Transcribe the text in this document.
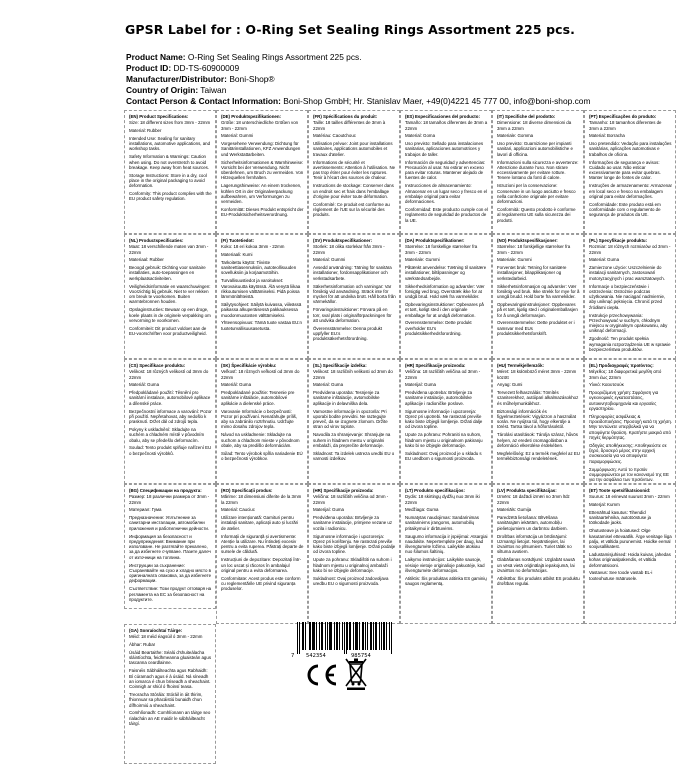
GPSR Label for : O-Ring Set Sealing Rings Assortment 225 pcs.
Product Name: O-Ring Set Sealing Rings Assortment 225 pcs.
Product ID: DD-TS-60900009
Manufacturer/Distributor: Boni-Shop®
Country of Origin: Taiwan
Contact Person & Contact Information: Boni-Shop GmbH; Hr. Stanislav Maer, +49(0)4221 45 777 00, info@boni-shop.com
(EN) Product Specifications:

Size: 18 different sizes from 3mm - 22mm

Material: Rubber

Intended Use: Sealing for sanitary installations, automotive applications, and workshop tasks.

Safety Information & Warnings: Caution when using. Do not overstretch to avoid breakage. Keep away from heat sources.

Storage Instructions: Store in a dry, cool place in the original packaging to avoid deformation.

Conformity: This product complies with the EU product safety regulation.

(DE) Produktspezifikationen:

Größe: 18 unterschiedliche Größen von 3mm - 22mm

Material: Gummi

Vorgesehene Verwendung: Dichtung für Sanitärinstallationen, KFZ Anwendungen und Werkstattarbeiten.

Sicherheitsinformationen & Warnhinweise: Vorsicht bei der Verwendung. Nicht überdehnen, um Bruch zu vermeiden. Von Hitzequellen fernhalten.

Lagerungshinweise: An einem trockenen, kühlen Ort in der Originalverpackung aufbewahren, um Verformungen zu vermeiden.

Konformität: Dieses Produkt entspricht der EU-Produktsicherheitsverordnung.

(FR) Spécifications du produit:

Taille: 18 tailles différentes de 3mm à 22mm

Matériau: Caoutchouc

Utilisation prévue: Joint pour installations sanitaires, applications automobiles et travaux d'atelier.

Informations de sécurité et avertissements: Attention à l'utilisation. Ne pas trop étirer pour éviter les ruptures. Tenir à l'écart des sources de chaleur.

Instructions de stockage: Conserver dans un endroit sec et frais dans l'emballage d'origine pour éviter toute déformation.

Conformité: Ce produit est conforme au règlement de l'UE sur la sécurité des produits.

(ES) Especificaciones del producto:

Tamaño: 18 tamaños diferentes de 3mm a 22mm

Material: Goma

Uso previsto: Sellado para instalaciones sanitarias, aplicaciones automotrices y trabajos de taller.

Información de seguridad y advertencias: Precaución al usar. No estirar en exceso para evitar roturas. Mantener alejado de fuentes de calor.

Instrucciones de almacenamiento: Almacenar en un lugar seco y fresco en el embalaje original para evitar deformaciones.

Conformidad: Este producto cumple con el reglamento de seguridad de productos de la UE.

(IT) Specifiche del prodotto:

Dimensione: 18 diverse dimensioni da 3mm a 22mm

Materiale: Gomma

Uso previsto: Guarnizione per impianti sanitari, applicazioni automobilistiche e lavori di officina.

Informazioni sulla sicurezza e avvertenze: Attenzione durante l'uso. Non stirare eccessivamente per evitare rotture. Tenere lontano da fonti di calore.

Istruzioni per la conservazione: Conservare in un luogo asciutto e fresco nella confezione originale per evitare deformazioni.

Conformità: Questo prodotto è conforme al regolamento UE sulla sicurezza dei prodotti.

(PT) Especificações do produto:

Tamanho: 18 tamanhos diferentes de 3mm a 22mm

Material: Borracha

Uso pretendido: Vedação para instalações sanitárias, aplicações automotivas e trabalhos de oficina.

Informações de segurança e avisos: Cuidado ao usar. Não esticar excessivamente para evitar quebras. Manter longe de fontes de calor.

Instruções de armazenamento: Armazenar em local seco e fresco na embalagem original para evitar deformações.

Conformidade: Este produto está em conformidade com o regulamento de segurança de produtos da UE.

(NL) Productspecificaties:

Maat: 18 verschillende maten van 3mm - 22mm

Materiaal: Rubber

Beoogd gebruik: Dichting voor sanitaire installaties, auto-toepassingen en werkplaatsactiviteiten.

Veiligheidsinformatie en waarschuwingen: Voorzichtig bij gebruik. Niet te ver rekken om breuk te voorkomen. Buiten warmtebronnen houden.

Opslaginstructies: Bewaar op een droge, koele plaats in de originele verpakking om vervorming te voorkomen.

Conformiteit: Dit product voldoet aan de EU-voorschriften voor productveiligheid.

(FI) Tuotetiedot:

Koko: 18 eri kokoa 3mm - 22mm

Materiaali: Kumi

Tarkoitettu käyttö: Tiiviste saniteettiasennuksiin, autoteollisuuden sovelluksiin ja korjaamotöihin.

Turvallisuustiedot ja varoitukset: Varovaisuutta käytössä. Älä venytä liikaa rikkoutumisen välttämiseksi. Pidä poissa lämmönlähteistä.

Säilytysohjeet: Säilytä kuivassa, viileässä paikassa alkuperäisessä pakkauksessa muodonmuutosten välttämiseksi.

Yhteensopivuus: Tämä tuote vastaa EU:n tuoteturvallisuusasetusta.

(SV) Produktspecifikationer:

Storlek: 18 olika storlekar från 3mm - 22mm

Material: Gummi

Avsedd användning: Tätning för sanitära installationer, fordonsapplikationer och verkstadsarbete.

Säkerhetsinformation och varningar: Var försiktig vid användning. Sträck inte för mycket för att undvika brott. Håll borta från värmekällor.

Förvaringsinstruktioner: Förvara på en torr, sval plats i originalförpackningen för att undvika deformation.

Överensstämmelse: Denna produkt uppfyller EU:s produktsäkerhetsförordning.

(DA) Produktspecifikationer:

Størrelse: 18 forskellige størrelser fra 3mm - 22mm

Materiale: Gummi

Påtænkt anvendelse: Tætning til sanitære installationer, biltilpasninger og værkstedsarbejde.

Sikkerhedsinformation og advarsler: Vær forsigtig ved brug. Overstræk ikke for at undgå brud. Hold væk fra varmekilder.

Opbevaringsinstruktioner: Opbevares på et tørt, køligt sted i den originale emballage for at undgå deformation.

Overensstemmelse: Dette produkt overholder EU's produktsikkerhedsforordning.

(NO) Produktspesifikasjoner:

Størrelse: 18 forskjellige størrelser fra 3mm - 22mm

Materiale: Gummi

Forventet bruk: Tetning for sanitære installasjoner, bilapplikasjoner og verkstedarbeid.

Sikkerhetsinformasjon og advarsler: Vær forsiktig ved bruk. Ikke strekk for mye for å unngå brudd. Hold borte fra varmekilder.

Oppbevaringsinstruksjoner: Oppbevares på et tørt, kjølig sted i originalemballasjen for å unngå deformasjon.

Overensstemmelse: Dette produktet er i samsvar med EUs produktsikkerhetsforskrift.

(PL) Specyfikacje produktu:

Rozmiar: 18 różnych rozmiarów od 3mm - 22mm

Materiał: Guma

Zamierzone użycie: Uszczelnienie do instalacji sanitarnych, zastosowań motoryzacyjnych i prac warsztatowych.

Informacje o bezpieczeństwie i ostrzeżenia: Ostrożnie podczas użytkowania. Nie naciągać nadmiernie, aby uniknąć pęknięcia. Chronić przed źródłami ciepła.

Instrukcje przechowywania: Przechowywać w suchym, chłodnym miejscu w oryginalnym opakowaniu, aby uniknąć deformacji.

Zgodność: Ten produkt spełnia wymagania rozporządzenia UE w sprawie bezpieczeństwa produktów.

(CS) Specifikace produktu:

Velikost: 18 různých velikostí od 3mm do 22mm

Materiál: Guma

Předpokládané použití: Těsnění pro sanitární instalace, automobilové aplikace a dílenské práce.

Bezpečnostní informace a varování: Pozor při použití. Nepřetahovat, aby nedošlo k prasknutí. Držet dál od zdrojů tepla.

Pokyny k uskladnění: Skladujte na suchém a chladném místě v původním obalu, aby se předešlo deformacím.

Soulad: Tento produkt splňuje nařízení EU o bezpečnosti výrobků.

(SK) Špecifikácie výrobku:

Veľkosť: 18 rôznych veľkostí od 3mm do 22mm

Materiál: Guma

Predpokladané použitie: Tesnenie pre sanitárne inštalácie, automobilové aplikácie a dielenské práce.

Varovanie Informácie o bezpečnosti: Pozor pri používaní. Nenaťahujte príliš, aby sa zabránilo roztrhnutiu. Udržujte mimo dosahu zdrojov tepla.

Návod na uskladnenie: Skladujte na suchom a chladnom mieste v pôvodnom obale, aby sa predišlo deformáciám.

Súlad: Tento výrobok spĺňa nariadenie EÚ o bezpečnosti výrobkov.

(SL) Specifikacije izdelka:

Velikost: 18 različnih velikosti od 3mm do 22mm

Material: Guma

Predvidena uporaba: Tesnjenje za sanitarne inštalacije, avtomobilske aplikacije in delavniška dela.

Varnostne informacije in opozorila: Pri uporabi bodite previdni. Ne raztegujte preveč, da se izognete zlomom. Držite stran od virov toplote.

Navodila za shranjevanje: Shranjujte na suhem in hladnem mestu v originalni embalaži, da preprečite deformacije.

Skladnost: Ta izdelek ustreza uredbi EU o varnosti izdelkov.

(HR) Specifikacije proizvoda:

Veličina: 18 različitih veličina od 3mm - 22mm

Materijal: Guma

Predviđena upotreba: Brtvljenje za sanitarne instalacije, automobilske aplikacije i radioničke poslove.

Sigurnosne informacije i upozorenja: Oprez pri upotrebi. Ne rastezati previše kako biste izbjegli lomljenje. Držati dalje od izvora topline.

Upute za pohranu: Pohraniti na suhom, hladnom mjestu u originalnom pakiranju kako bi se izbjegle deformacije.

Sukladnost: Ovaj proizvod je u skladu s EU uredbom o sigurnosti proizvoda.

(HU) Termékjellemzők:

Méret: 18 különböző méret 3mm - 22mm között

Anyag: Gumi

Tervezett felhasználás: Tömítés szaniterekhez, autóipari alkalmazásokhoz és műhelymunkákhoz.

Biztonsági információk és figyelmeztetések: Vigyázzon a használat során. Ne nyújtsa túl, hogy elkerülje a törést. Tartsa távol a hőforrásoktól.

Tárolási utasítások: Tárolja száraz, hűvös helyen, az eredeti csomagolásban a deformáció elkerülése érdekében.

Megfelelőség: Ez a termék megfelel az EU termékbiztonsági rendeletének.

(EL) Προδιαγραφές προϊόντος:

Μέγεθος: 18 διαφορετικά μεγέθη από 3mm έως 22mm

Υλικό: Καουτσούκ

Προοριζόμενη χρήση: Σφράγιση για υγειονομικές εγκαταστάσεις, αυτοκινητοβιομηχανία και εργασίες εργαστηρίου.

Πληροφορίες ασφάλειας & προειδοποιήσεις: Προσοχή κατά τη χρήση. Μην τεντώνετε υπερβολικά για να αποφύγετε θραύση. Κρατήστε μακριά από πηγές θερμότητας.

Οδηγίες αποθήκευσης: Αποθηκεύστε σε ξηρό, δροσερό μέρος στην αρχική συσκευασία για να αποφύγετε παραμορφώσεις.

Συμμόρφωση: Αυτό το προϊόν συμμορφώνεται με τον κανονισμό της ΕΕ για την ασφάλεια των προϊόντων.

(BG) Спецификации на продукта:

Размер: 18 различни размера от 3mm - 22mm

Материал: Гума

Предназначение: Уплътнение за санитарни инсталации, автомобилни приложения и работилнични дейности.

Информация за безопасност и предупреждения: Внимание при използване. Не разтягайте прекалено, за да избегнете счупване. Пазете далеч от източници на топлина.

Инструкции за съхранение: Съхранявайте на сухо и хладно място в оригиналната опаковка, за да избегнете деформации.

Съответствие: Този продукт отговаря на регламента на ЕС за безопасност на продуктите.

(RO) Specificații produs:

Mărime: 18 dimensiuni diferite de la 3mm la 22mm

Material: Cauciuc

Utilizare intenționată: Garnituri pentru instalații sanitare, aplicații auto și lucrări de atelier.

Informații de siguranță și avertismente: Atenție la utilizare. Nu întindeți excesiv pentru a evita ruperea. Păstrați departe de sursele de căldură.

Instrucțiuni de depozitare: Depozitați într-un loc uscat și răcoros în ambalajul original pentru a evita deformarea.

Conformitate: Acest produs este conform cu reglementările UE privind siguranța produselor.

(HR) Specifikacije proizvoda:

Veličina: 18 različitih veličina od 3mm - 22mm

Materijal: Guma

Predviđena uporaba: Brtvljenje za sanitarne instalacije, primjene vezane uz vozila i radionicu.

Sigurnosne informacije i upozorenja: Oprez pri korištenju. Ne rastezati previše kako biste izbjegli lomljenje. Držati podalje od izvora topline.

Upute za pohranu: Skladištiti na suhom i hladnom mjestu u originalnoj ambalaži kako bi se izbjegle deformacije.

Sukladnost: Ovaj proizvod zadovoljava uredbu EU o sigurnosti proizvoda.

(LT) Produkto specifikacijos:

Dydis: 18 skirtingų dydžių nuo 3mm iki 22mm

Medžiaga: Guma

Numatytas naudojimas: Sandarinimas sanitarinėms įrangoms, automobilių pritaikymui ir dirbtuvėms.

Saugumo informacija ir įspėjimai: Atsargiai naudokite. Nepertempkite per daug, kad išvengtumėte lūžimo. Laikykite atokiau nuo šilumos šaltinių.

Laikymo instrukcijos: Laikykite sausoje, vėsioje vietoje originalioje pakuotėje, kad išvengtumėte deformacijos.

Atitiktis: Šis produktas atitinka ES gaminių saugos reglamentą.

(LV) Produkta specifikācijas:

Izmērs: 18 dažādi izmēri no 3mm līdz 22mm

Materiāls: Gumija

Paredzētā lietošana: Blīvēšana sanitārajām iekārtām, automobiļu pielietojumiem un darbnīcu darbiem.

Drošības informācija un brīdinājumi: Uzmanīgi lietojot. Nepārstiepiet, lai izvairītos no plīsumiem. Turiet tālāk no siltuma avotiem.

Glabāšanas norādījumi: Uzglabāt sausā un vēsā vietā oriģinālajā iepakojumā, lai izvairītos no deformācijas.

Atbilstība: Šis produkts atbilst ES produktu drošības regulai.

(ET) Toote spetsifikatsioonid:

Suurus: 18 erinevat suurust 3mm - 22mm

Materjal: Kumm

Ettenähtud kasutus: Tihendid sanitaartehnika, autotööstuse ja töökodade jaoks.

Ohutusteave ja hoiatused: Olge kasutamisel ettevaatlik. Ärge venitage liiga palju, et vältida purunemist. Hoidke eemal soojusallikatest.

Ladustamisjuhised: Hoida kuivas, jahedas kohas originaalpakendis, et vältida deformatsiooni.

Vastavus: See toode vastab EL-i tooteohutuse määrusele.

(GA) Sonraíochtaí Táirge:

Méid: 18 méid éagsúil ó 3mm - 22mm

Ábhar: Rubar

Úsáid Beartaithe: Séalú d'shuiteálacha sláintíochta, feidhmeanna gluaisteán agus tascanna ceardlainne.

Faisnéis Sábháilteachta agus Rabhaidh: Bí cúramach agus é á úsáid. Ná síneadh an iomarca é chun briseadh a sheachaint. Coinnigh ar shiúl ó fhoinsí teasa.

Treoracha Stórála: Stóráil in áit thirim, fhionnuar sa phacáistiú bunaidh chun dífhoirmiú a sheachaint.

Comhlíonadh: Comhlíonann an táirge seo rialachán an AE maidir le sábháilteacht táirgí.

7 542354	985754
